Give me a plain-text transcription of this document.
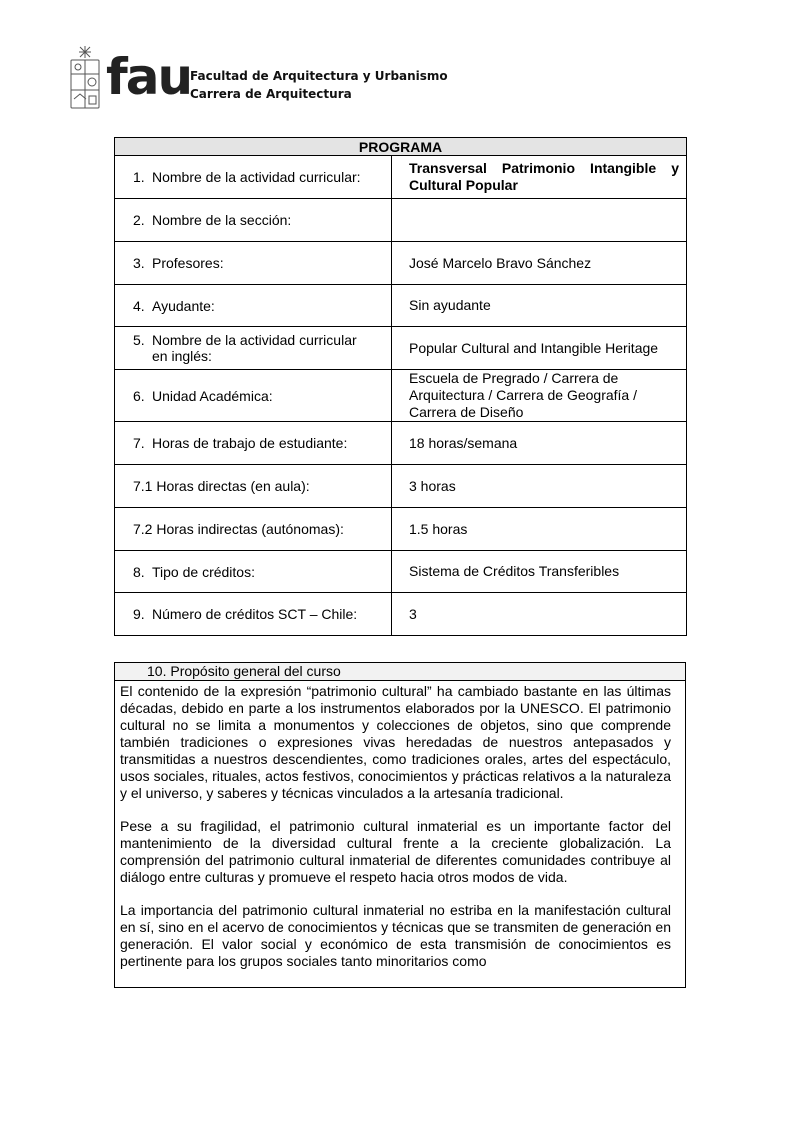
fau
Facultad de Arquitectura y Urbanismo
Carrera de Arquitectura
PROGRAMA	

1. Nombre de la actividad curricular:	Transversal Patrimonio Intangible y
Cultural Popular

2. Nombre de la sección:	

3. Profesores:	José Marcelo Bravo Sánchez

4. Ayudante:	Sin ayudante

5. Nombre de la actividad curricular
en inglés:	Popular Cultural and Intangible Heritage

6. Unidad Académica:	Escuela de Pregrado / Carrera de
Arquitectura / Carrera de Geografía /
Carrera de Diseño

7. Horas de trabajo de estudiante:	18 horas/semana

7.1 Horas directas (en aula):	3 horas

7.2 Horas indirectas (autónomas):	1.5 horas

8. Tipo de créditos:	Sistema de Créditos Transferibles

9. Número de créditos SCT – Chile:	3
10. Propósito general del curso

El contenido de la expresión “patrimonio cultural” ha cambiado bastante en las últimas décadas, debido en parte a los instrumentos elaborados por la UNESCO. El patrimonio cultural no se limita a monumentos y colecciones de objetos, sino que comprende también tradiciones o expresiones vivas heredadas de nuestros antepasados y transmitidas a nuestros descendientes, como tradiciones orales, artes del espectáculo, usos sociales, rituales, actos festivos, conocimientos y prácticas relativos a la naturaleza y el universo, y saberes y técnicas vinculados a la artesanía tradicional.

Pese a su fragilidad, el patrimonio cultural inmaterial es un importante factor del mantenimiento de la diversidad cultural frente a la creciente globalización. La comprensión del patrimonio cultural inmaterial de diferentes comunidades contribuye al diálogo entre culturas y promueve el respeto hacia otros modos de vida.

La importancia del patrimonio cultural inmaterial no estriba en la manifestación cultural en sí, sino en el acervo de conocimientos y técnicas que se transmiten de generación en generación. El valor social y económico de esta transmisión de conocimientos es pertinente para los grupos sociales tanto minoritarios como
